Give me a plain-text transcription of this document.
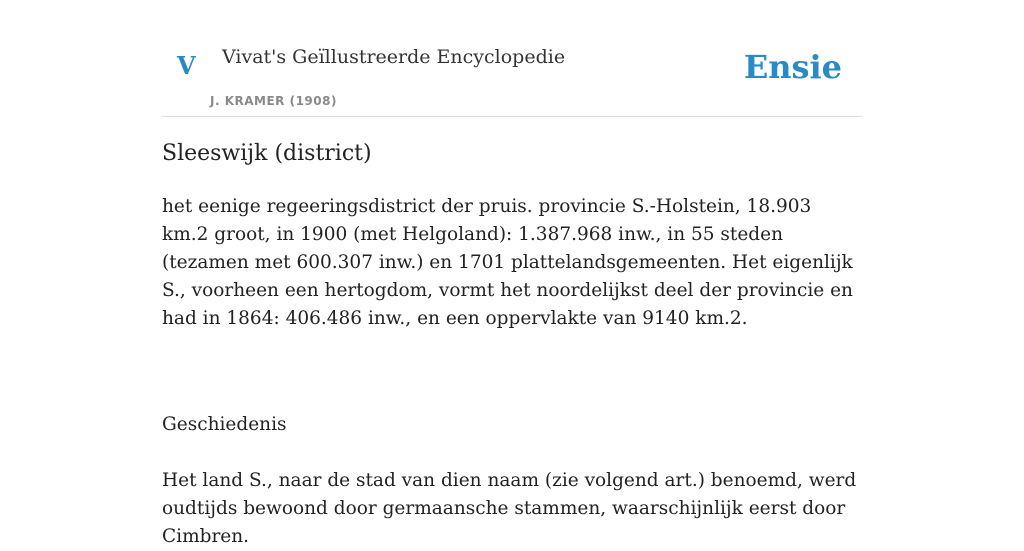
V Vivat's Geïllustreerde Encyclopedie
J. KRAMER (1908)
Ensie
Sleeswijk (district)

het eenige regeeringsdistrict der pruis. provincie S.-Holstein, 18.903 km.2 groot, in 1900 (met Helgoland): 1.387.968 inw., in 55 steden (tezamen met 600.307 inw.) en 1701 plattelandsgemeenten. Het eigenlijk S., voorheen een hertogdom, vormt het noordelijkst deel der provincie en had in 1864: 406.486 inw., en een oppervlakte van 9140 km.2.

Geschiedenis

Het land S., naar de stad van dien naam (zie volgend art.) benoemd, werd oudtijds bewoond door germaansche stammen, waarschijnlijk eerst door Cimbren.
